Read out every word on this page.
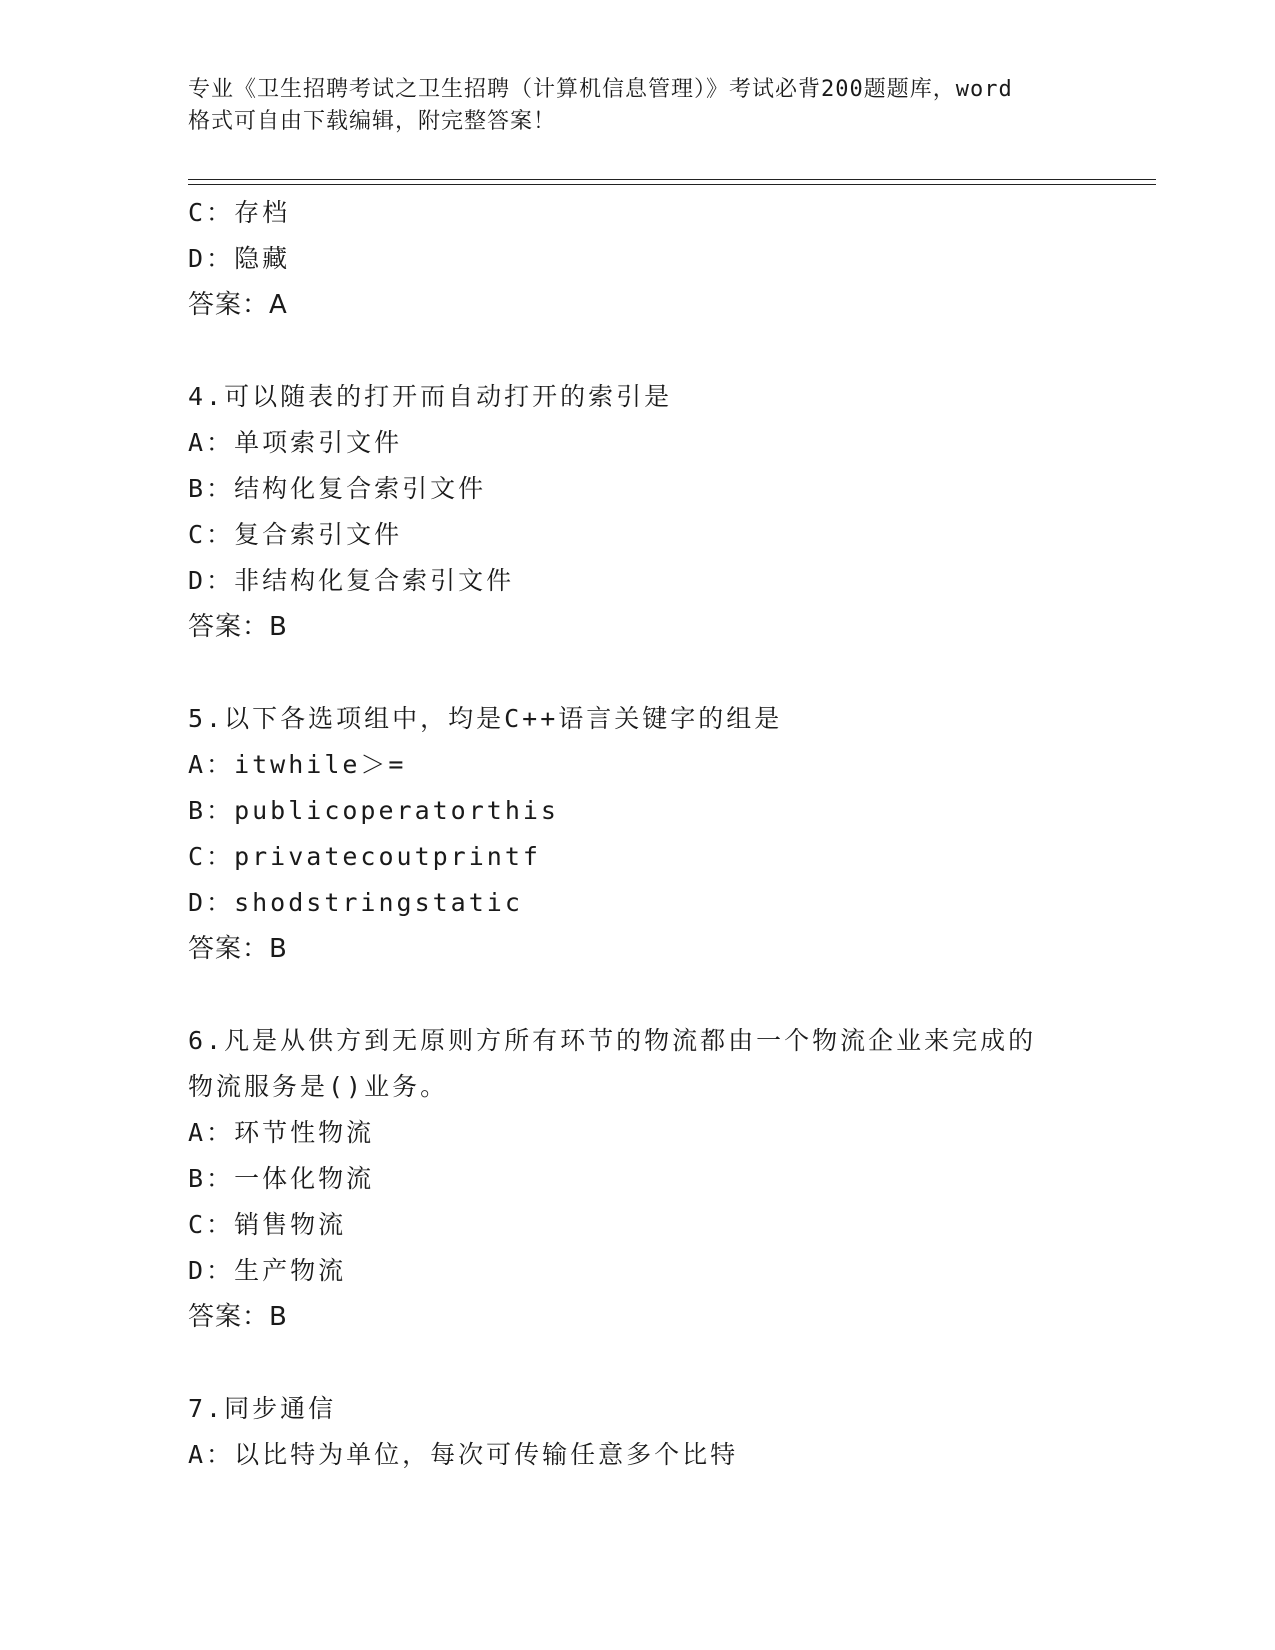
专业《卫生招聘考试之卫生招聘（计算机信息管理）》考试必背200题题库，word
格式可自由下载编辑，附完整答案！
C：存档
D：隐藏
答案：A
4.可以随表的打开而自动打开的索引是
A：单项索引文件
B：结构化复合索引文件
C：复合索引文件
D：非结构化复合索引文件
答案：B
5.以下各选项组中，均是C++语言关键字的组是
A：itwhile＞=
B：publicoperatorthis
C：privatecoutprintf
D：shodstringstatic
答案：B
6.凡是从供方到无原则方所有环节的物流都由一个物流企业来完成的
物流服务是()业务。
A：环节性物流
B：一体化物流
C：销售物流
D：生产物流
答案：B
7.同步通信
A：以比特为单位，每次可传输任意多个比特
